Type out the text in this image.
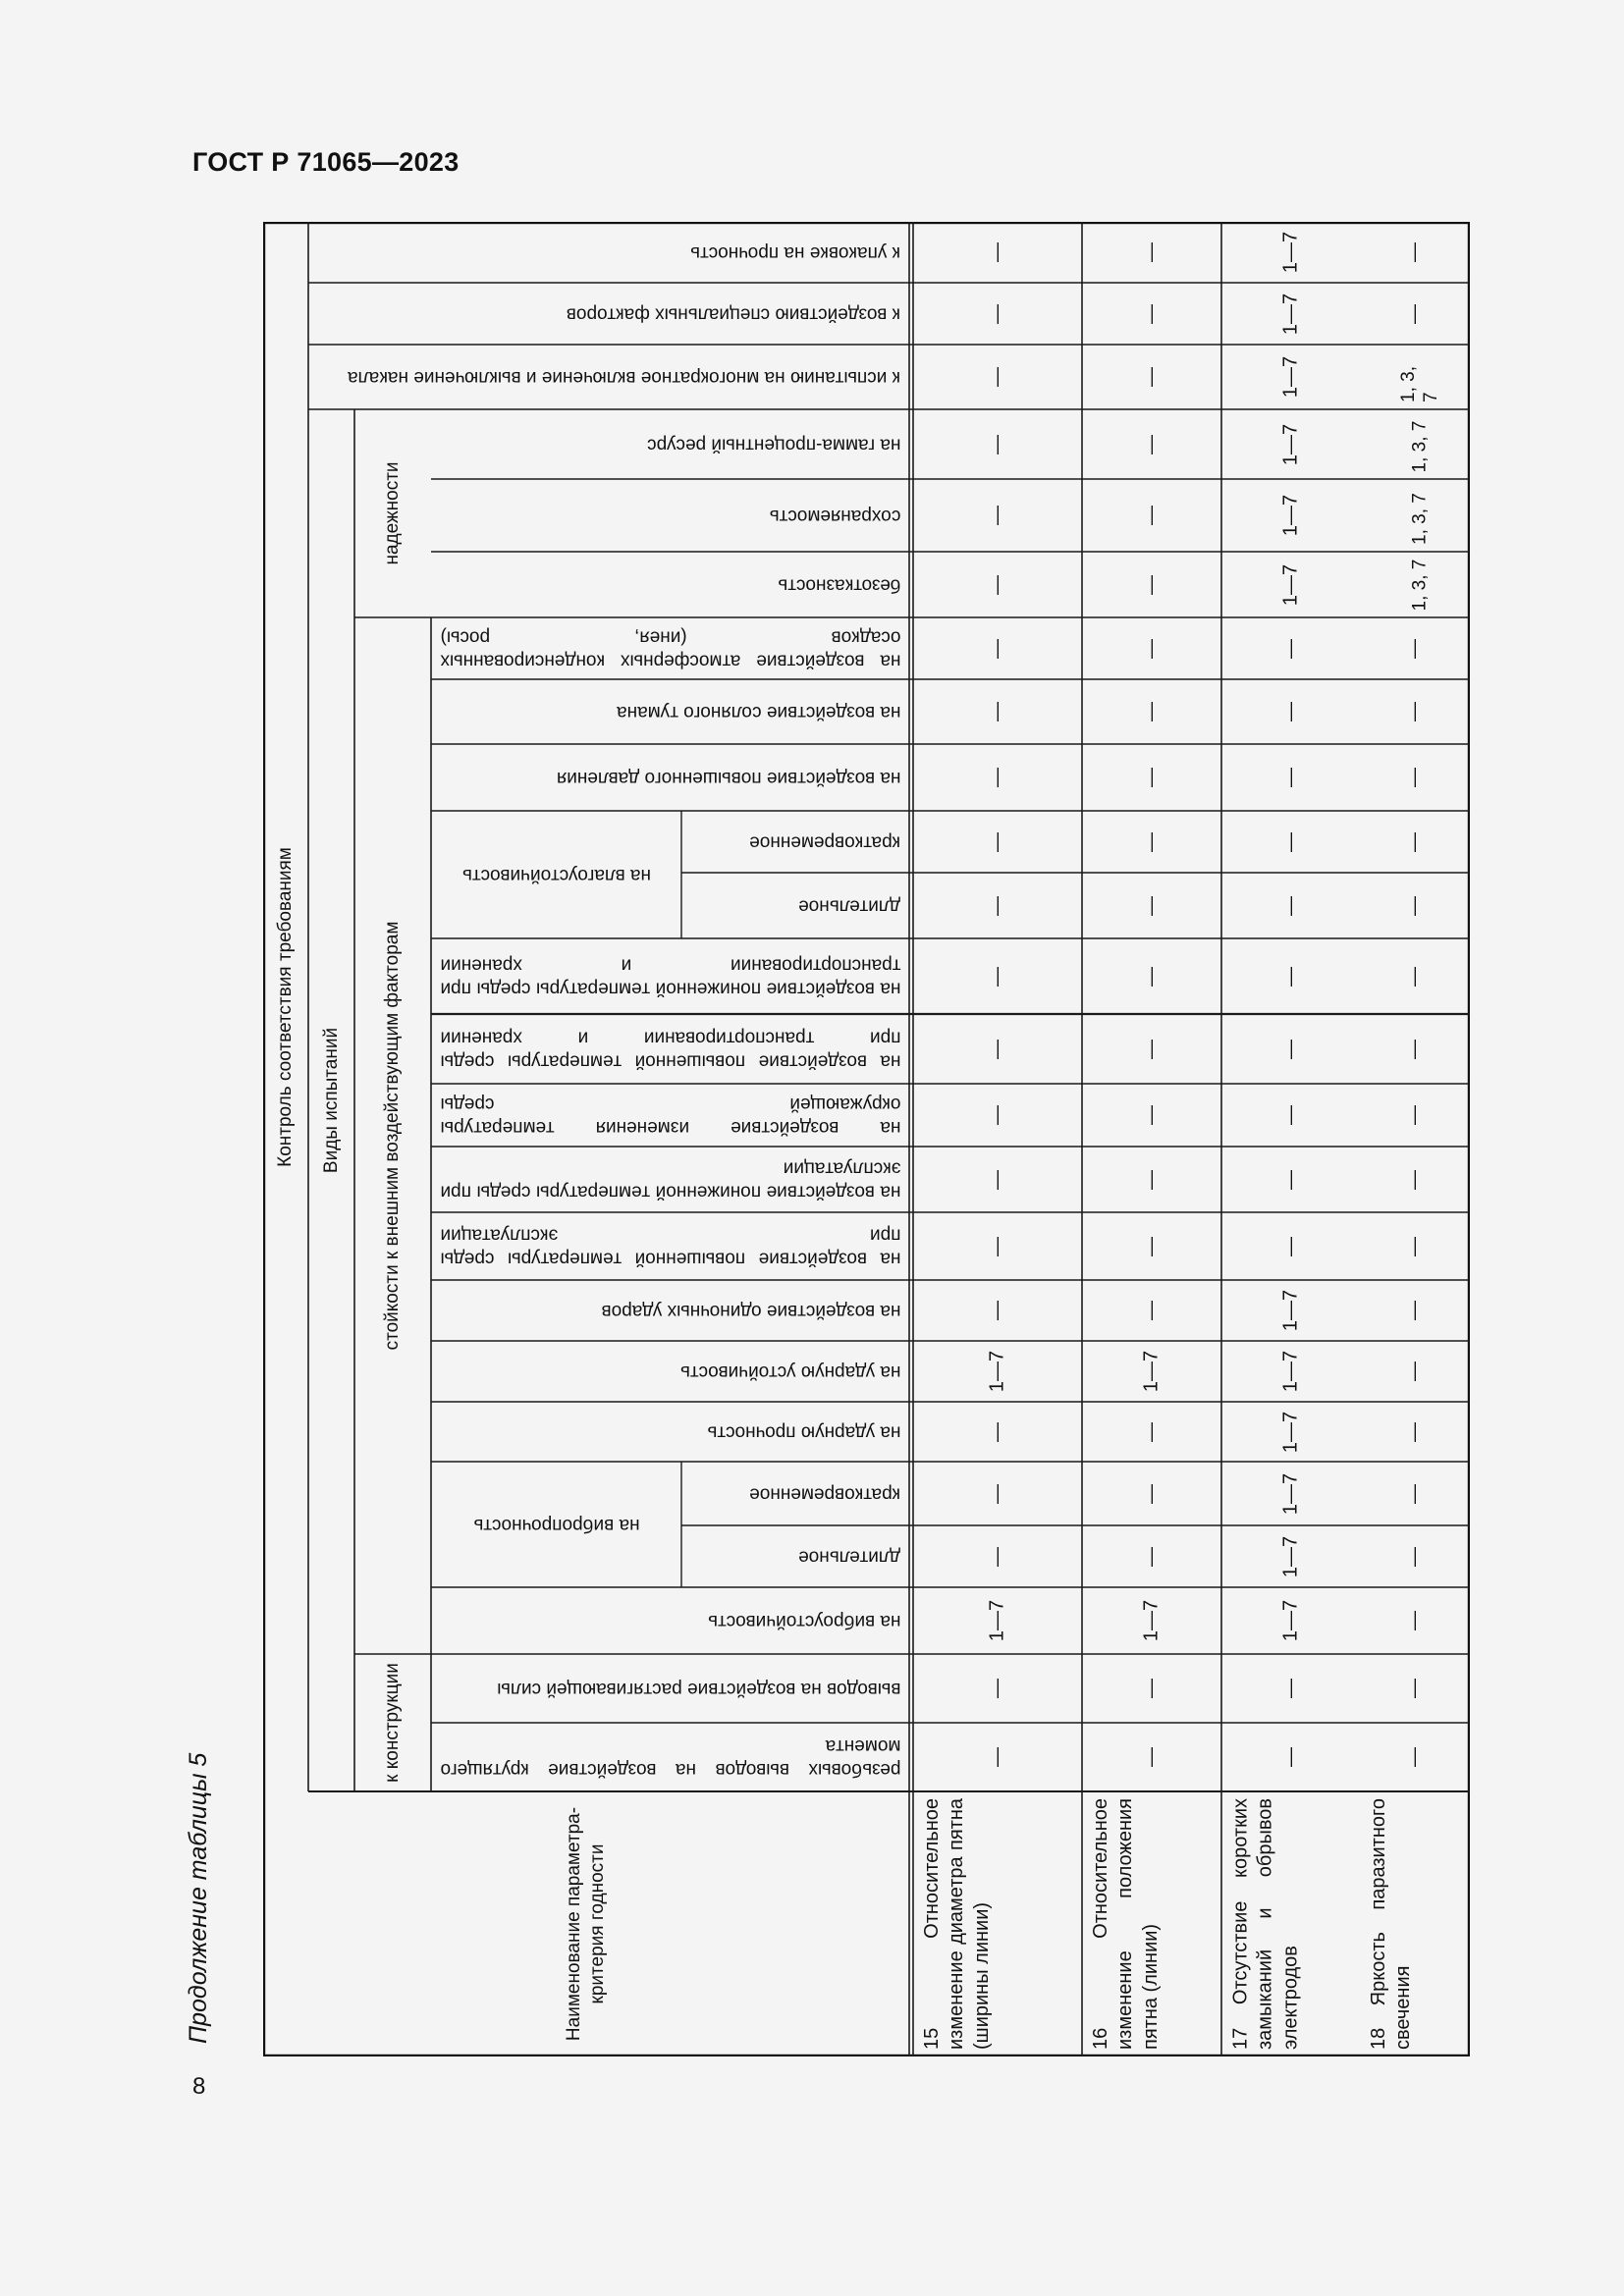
ГОСТ Р 71065—2023
Продолжение таблицы 5
8
Контроль соответствия требованиям	Виды испытаний
к конструкции
стойкости к внешним воздействующим факторам
надежности
на вибропрочность
на влагоустойчивость
резьбовых выводов на воздействие крутящего момента
выводов на воздействие растягивающей силы
на виброустойчивость
длительное
кратковременное
на ударную прочность
на ударную устойчивость
на воздействие одиночных ударов
на воздействие повышенной температуры среды при эксплуатации
на воздействие пониженной температуры среды при эксплуатации
на воздействие изменения температуры окружающей среды
на воздействие повышенной температуры среды при транспортировании и хранении
на воздействие пониженной температуры среды при транспортировании и хранении
длительное
кратковременное
на воздействие повышенного давления
на воздействие соляного тумана
на воздействие атмосферных конденсированных осадков (инея, росы)
безотказность
сохраняемость
на гамма-процентный ресурс
к испытанию на многократное включение и выключение накала
к воздействию специальных факторов
к упаковке на прочность
Наименование параметра-критерия годности	15 Относительное изменение диаметра пятна (ширины линии)
—
—
1—7
—
—
—
1—7
—
—
—
—
—
—
—
—
—
—
—
—
—
—
—
—
—
16 Относительное изменение положения пятна (линии)
—
—
1—7
—
—
—
1—7
—
—
—
—
—
—
—
—
—
—
—
—
—
—
—
—
—
17 Отсутствие коротких замыканий и обрывов электродов
—
—
1—7
1—7
1—7
1—7
1—7
1—7
—
—
—
—
—
—
—
—
—
—
1—7
1—7
1—7
1—7
1—7
1—7
18 Яркость паразитного свечения
—
—
—
—
—
—
—
—
—
—
—
—
—
—
—
—
—
—
1, 3, 7
1, 3, 7
1, 3, 7
1, 3, 7
—
—
